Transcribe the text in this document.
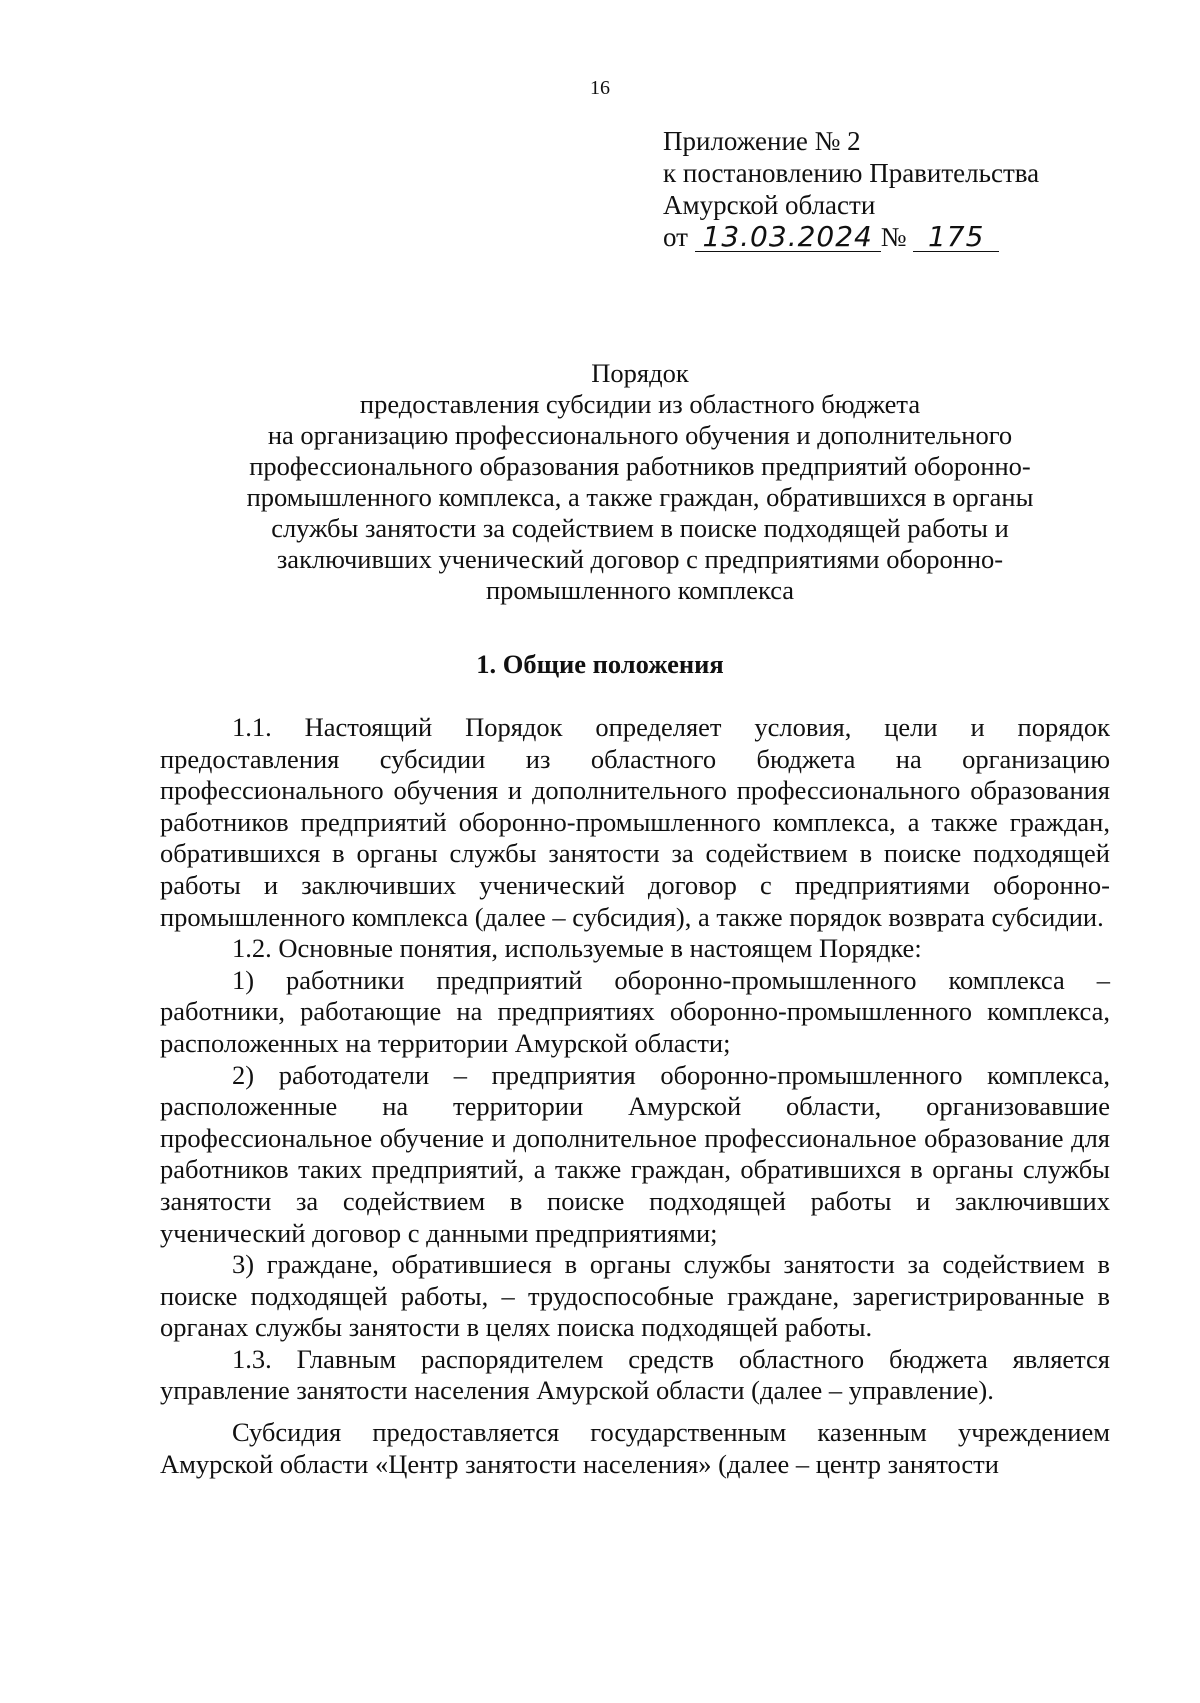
16
Приложение № 2
к постановлению Правительства
Амурской области
от 13.03.2024 № 175
Порядок
предоставления субсидии из областного бюджета
на организацию профессионального обучения и дополнительного
профессионального образования работников предприятий оборонно-
промышленного комплекса, а также граждан, обратившихся в органы
службы занятости за содействием в поиске подходящей работы и
заключивших ученический договор с предприятиями оборонно-
промышленного комплекса
1. Общие положения

1.1. Настоящий Порядок определяет условия, цели и порядок предоставления субсидии из областного бюджета на организацию профессионального обучения и дополнительного профессионального образования работников предприятий оборонно-промышленного комплекса, а также граждан, обратившихся в органы службы занятости за содействием в поиске подходящей работы и заключивших ученический договор с предприятиями оборонно-промышленного комплекса (далее – субсидия), а также порядок возврата субсидии.

1.2. Основные понятия, используемые в настоящем Порядке:

1) работники предприятий оборонно-промышленного комплекса – работники, работающие на предприятиях оборонно-промышленного комплекса, расположенных на территории Амурской области;

2) работодатели – предприятия оборонно-промышленного комплекса, расположенные на территории Амурской области, организовавшие профессиональное обучение и дополнительное профессиональное образование для работников таких предприятий, а также граждан, обратившихся в органы службы занятости за содействием в поиске подходящей работы и заключивших ученический договор с данными предприятиями;

3) граждане, обратившиеся в органы службы занятости за содействием в поиске подходящей работы, – трудоспособные граждане, зарегистрированные в органах службы занятости в целях поиска подходящей работы.

1.3. Главным распорядителем средств областного бюджета является управление занятости населения Амурской области (далее – управление).

Субсидия предоставляется государственным казенным учреждением Амурской области «Центр занятости населения» (далее – центр занятости
